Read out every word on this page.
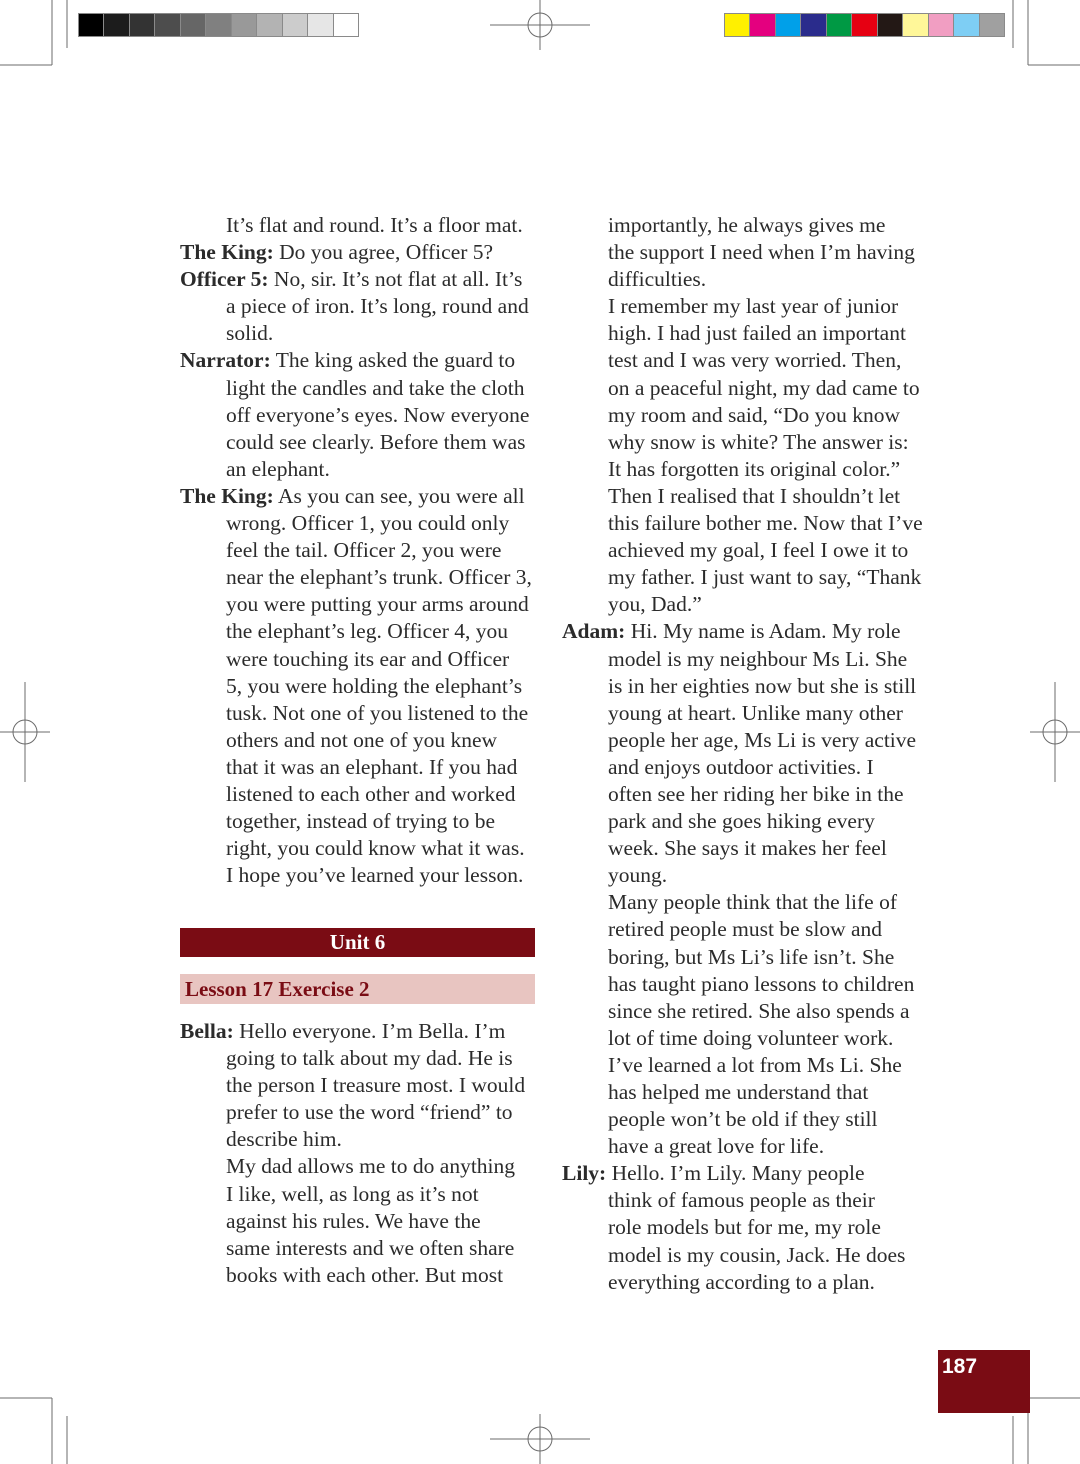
It’s flat and round. It’s a floor mat.
The King: Do you agree, Officer 5?
Officer 5: No, sir. It’s not flat at all. It’s
a piece of iron. It’s long, round and
solid.
Narrator: The king asked the guard to
light the candles and take the cloth
off everyone’s eyes. Now everyone
could see clearly. Before them was
an elephant.
The King: As you can see, you were all
wrong. Officer 1, you could only
feel the tail. Officer 2, you were
near the elephant’s trunk. Officer 3,
you were putting your arms around
the elephant’s leg. Officer 4, you
were touching its ear and Officer
5, you were holding the elephant’s
tusk. Not one of you listened to the
others and not one of you knew
that it was an elephant. If you had
listened to each other and worked
together, instead of trying to be
right, you could know what it was.
I hope you’ve learned your lesson.
Unit 6
Lesson 17 Exercise 2
Bella: Hello everyone. I’m Bella. I’m
going to talk about my dad. He is
the person I treasure most. I would
prefer to use the word “friend” to
describe him.
My dad allows me to do anything
I like, well, as long as it’s not
against his rules. We have the
same interests and we often share
books with each other. But most
importantly, he always gives me
the support I need when I’m having
difficulties.
I remember my last year of junior
high. I had just failed an important
test and I was very worried. Then,
on a peaceful night, my dad came to
my room and said, “Do you know
why snow is white? The answer is:
It has forgotten its original color.”
Then I realised that I shouldn’t let
this failure bother me. Now that I’ve
achieved my goal, I feel I owe it to
my father. I just want to say, “Thank
you, Dad.”
Adam: Hi. My name is Adam. My role
model is my neighbour Ms Li. She
is in her eighties now but she is still
young at heart. Unlike many other
people her age, Ms Li is very active
and enjoys outdoor activities. I
often see her riding her bike in the
park and she goes hiking every
week. She says it makes her feel
young.
Many people think that the life of
retired people must be slow and
boring, but Ms Li’s life isn’t. She
has taught piano lessons to children
since she retired. She also spends a
lot of time doing volunteer work.
I’ve learned a lot from Ms Li. She
has helped me understand that
people won’t be old if they still
have a great love for life.
Lily: Hello. I’m Lily. Many people
think of famous people as their
role models but for me, my role
model is my cousin, Jack. He does
everything according to a plan.
187
